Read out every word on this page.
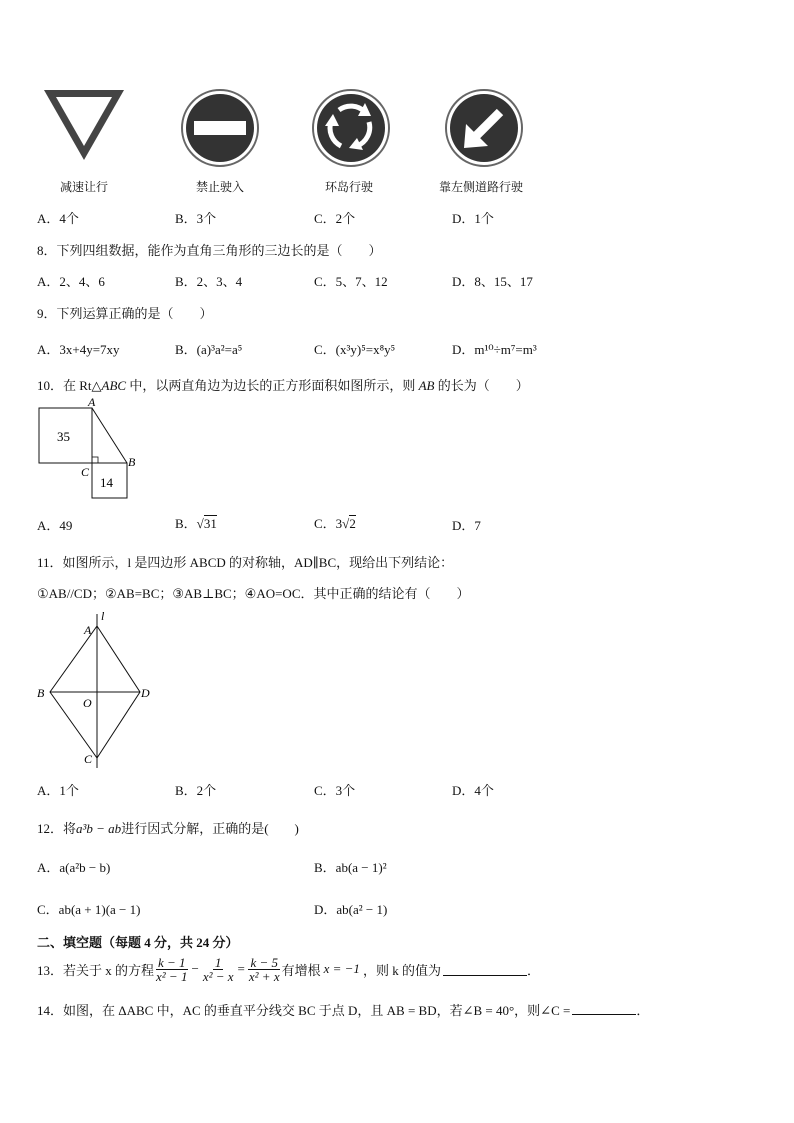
减速让行	禁止驶入	环岛行驶	靠左侧道路行驶
A．4个	B．3个	C．2个	D．1个
8．下列四组数据，能作为直角三角形的三边长的是（　　）
A．2、4、6	B．2、3、4	C．5、7、12	D．8、15、17
9．下列运算正确的是（　　）
A．3x+4y=7xy	B．(a)³a²=a⁵	C．(x³y)⁵=x⁸y⁵	D．m¹⁰÷m⁷=m³
10．在 Rt△ABC 中，以两直角边为边长的正方形面积如图所示，则 AB 的长为（　　）
35
14
A
B
C
A．49	B．√31	C．3√2	D．7
11．如图所示，l 是四边形 ABCD 的对称轴，AD∥BC，现给出下列结论：
①AB//CD；②AB=BC；③AB⊥BC；④AO=OC．其中正确的结论有（　　）
l
A
B	D
O
C
A．1个	B．2个	C．3个	D．4个
12．将a³b − ab进行因式分解，正确的是(　　)
A．a(a²b − b)	B．ab(a − 1)²
C．ab(a + 1)(a − 1)	D．ab(a² − 1)
二、填空题（每题 4 分，共 24 分）
13．若关于 x 的方程 $\frac{k - 1}{\text{x² − 1}} - \frac{1}{\text{x² − x}} = \frac{k - 5}{\text{x² + x}}$ 有增根 x = −1 ，则 k 的值为	．
14．如图，在 ΔABC 中，AC 的垂直平分线交 BC 于点 D，且 AB = BD，若∠B = 40°，则∠C =	．
